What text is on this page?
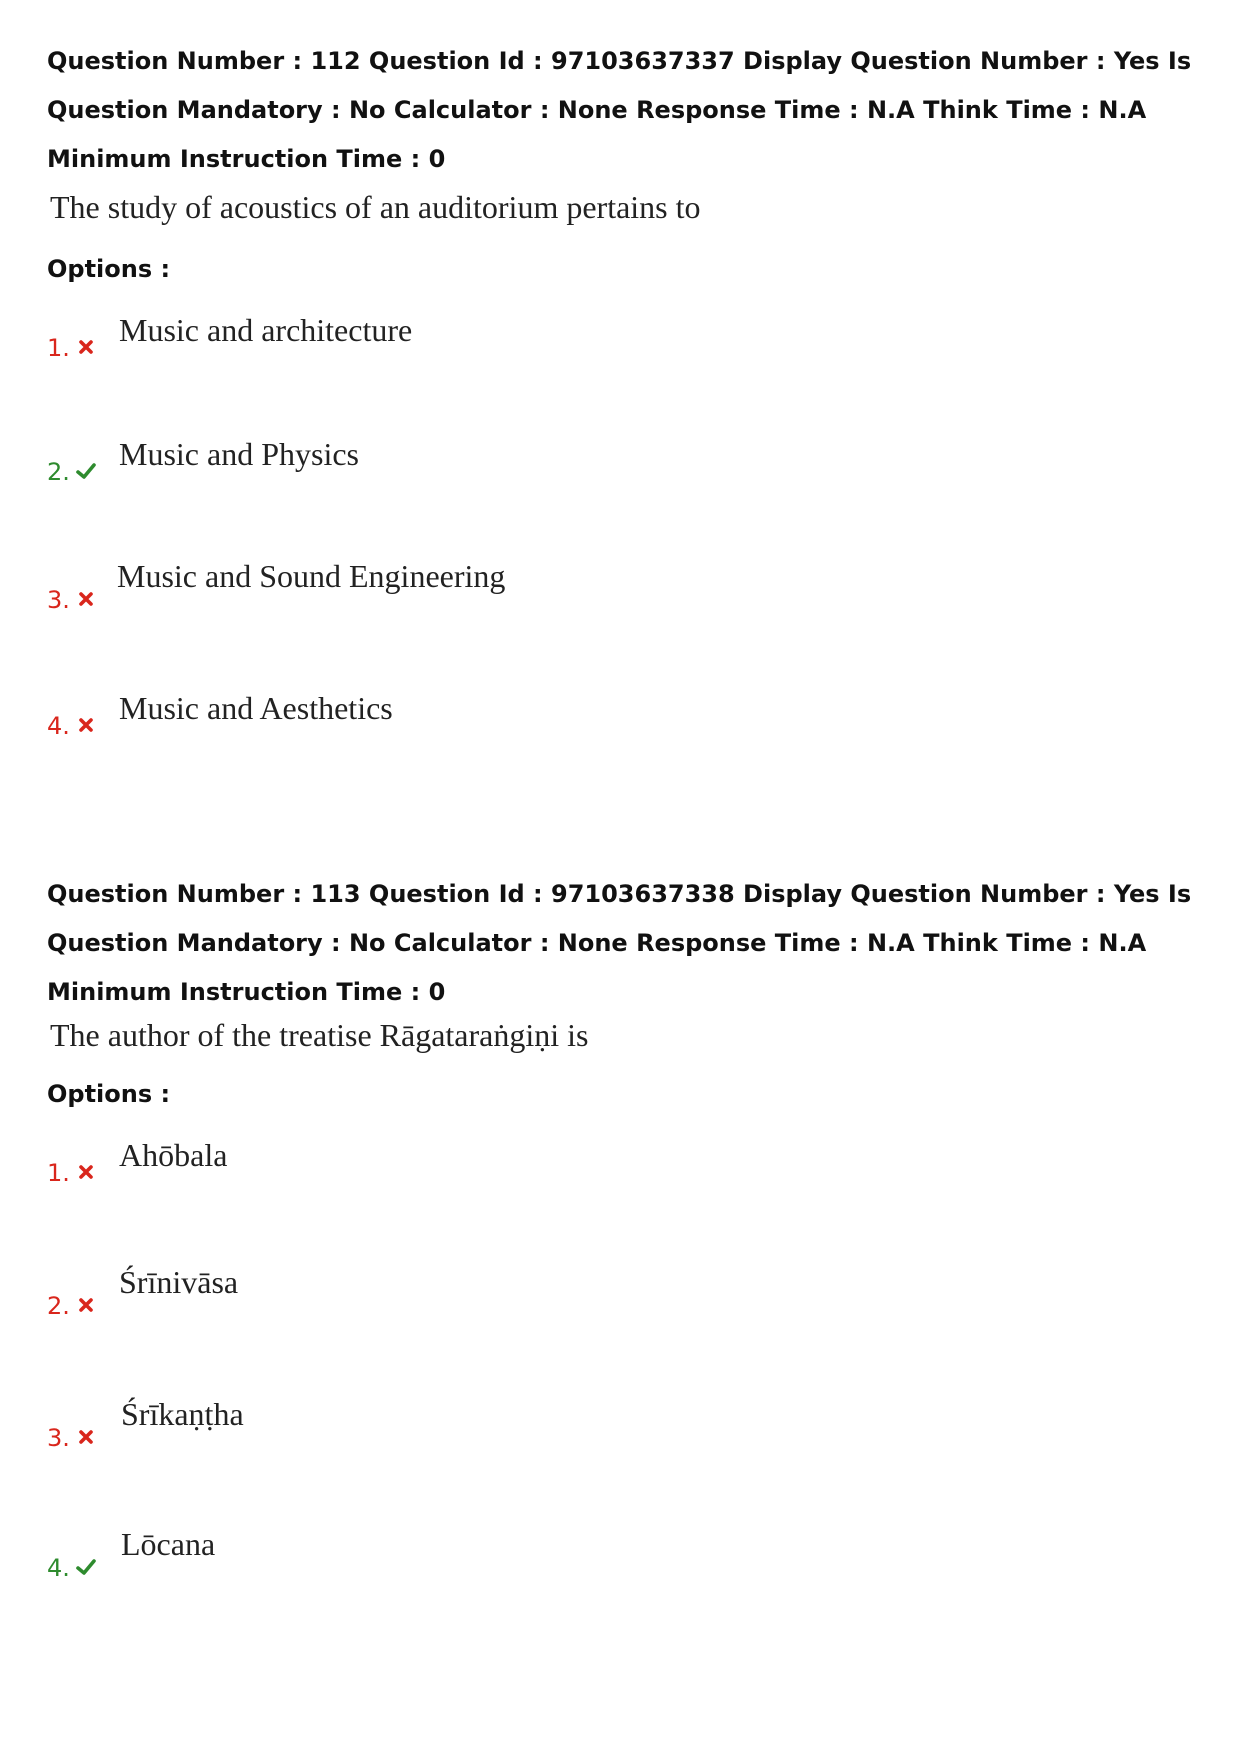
Question Number : 112 Question Id : 97103637337 Display Question Number : Yes Is Question Mandatory : No Calculator : None Response Time : N.A Think Time : N.A Minimum Instruction Time : 0
The study of acoustics of an auditorium pertains to
Options :
1. Music and architecture
2. Music and Physics
3.
Music and Sound Engineering
4. Music and Aesthetics
Question Number : 113 Question Id : 97103637338 Display Question Number : Yes Is Question Mandatory : No Calculator : None Response Time : N.A Think Time : N.A Minimum Instruction Time : 0
The author of the treatise Rāgataraṅgiṇi is
Options :
1. Ahōbala
2.
Śrīnivāsa
3.
Śrīkaṇṭha
4.
Lōcana
